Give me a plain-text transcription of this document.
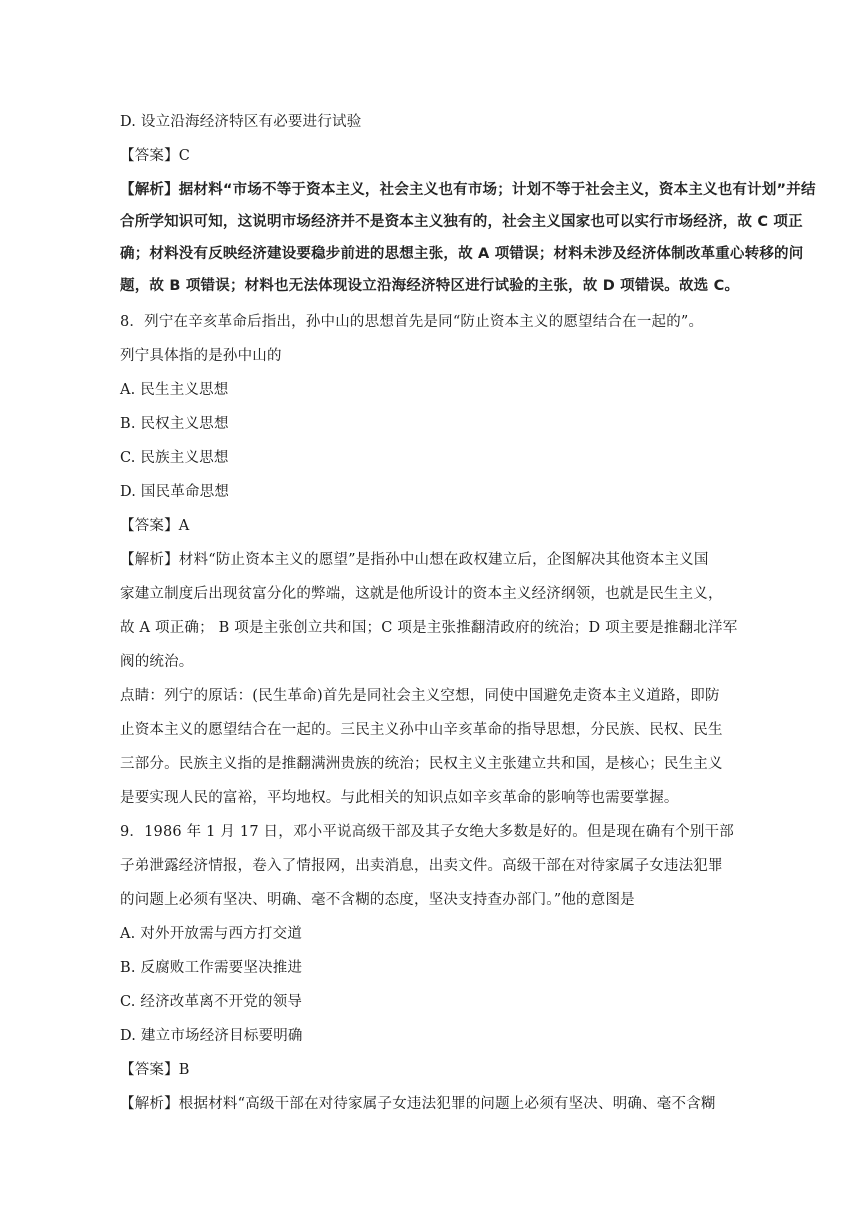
D. 设立沿海经济特区有必要进行试验
【答案】C
【解析】据材料“市场不等于资本主义，社会主义也有市场；计划不等于社会主义，资本主义也有计划”并结
合所学知识可知，这说明市场经济并不是资本主义独有的，社会主义国家也可以实行市场经济，故 C 项正
确；材料没有反映经济建设要稳步前进的思想主张，故 A 项错误；材料未涉及经济体制改革重心转移的问
题，故 B 项错误；材料也无法体现设立沿海经济特区进行试验的主张，故 D 项错误。故选 C。
8．列宁在辛亥革命后指出，孙中山的思想首先是同“防止资本主义的愿望结合在一起的”。
列宁具体指的是孙中山的
A. 民生主义思想
B. 民权主义思想
C. 民族主义思想
D. 国民革命思想
【答案】A
【解析】材料“防止资本主义的愿望”是指孙中山想在政权建立后，企图解决其他资本主义国
家建立制度后出现贫富分化的弊端，这就是他所设计的资本主义经济纲领，也就是民生主义，
故 A 项正确； B 项是主张创立共和国；C 项是主张推翻清政府的统治；D 项主要是推翻北洋军
阀的统治。
点睛：列宁的原话：(民生革命)首先是同社会主义空想，同使中国避免走资本主义道路，即防
止资本主义的愿望结合在一起的。三民主义孙中山辛亥革命的指导思想，分民族、民权、民生
三部分。民族主义指的是推翻满洲贵族的统治；民权主义主张建立共和国，是核心；民生主义
是要实现人民的富裕，平均地权。与此相关的知识点如辛亥革命的影响等也需要掌握。
9．1986 年 1 月 17 日，邓小平说高级干部及其子女绝大多数是好的。但是现在确有个别干部
子弟泄露经济情报，卷入了情报网，出卖消息，出卖文件。高级干部在对待家属子女违法犯罪
的问题上必须有坚决、明确、毫不含糊的态度，坚决支持查办部门。”他的意图是
A. 对外开放需与西方打交道
B. 反腐败工作需要坚决推进
C. 经济改革离不开党的领导
D. 建立市场经济目标要明确
【答案】B
【解析】根据材料“高级干部在对待家属子女违法犯罪的问题上必须有坚决、明确、毫不含糊
